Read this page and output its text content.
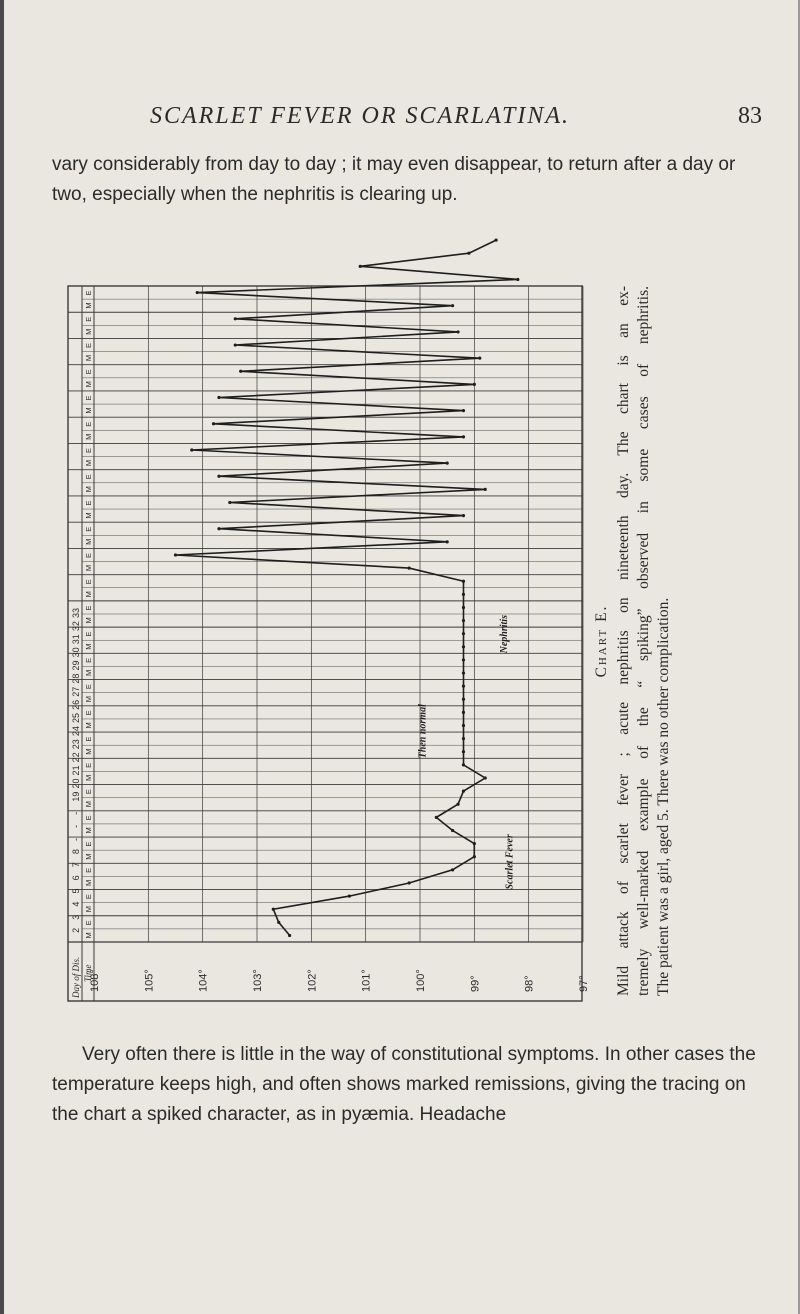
SCARLET FEVER OR SCARLATINA.	83

vary considerably from day to day ; it may even disappear, to return after a day or two, especially when the nephritis is clearing up.

108°	105°	104°	103°	102°	101°	100°	99°	98°	97°
Day of Dis. Time
2
3
4
5
6
7
8
-
-
-
19
20
21
22
23
24
25
26
27
28
29
30
31
32
33
M
E
M
E
M
E
M
E
M
E
M
E
M
E
M
E
M
E
M
E
M
E
M
E
M
E
M
E
M
E
M
E
M
E
M
E
M
E
M
E
M
E
M
E
M
E
M
E
M
E
Scarlet Fever
Then normal
Nephritis	Chart E. Mild attack of scarlet fever ; acute nephritis on nineteenth day. The chart is an ex- tremely well-marked example of the “ spiking” observed in some cases of nephritis. The patient was a girl, aged 5. There was no other complication.

Very often there is little in the way of constitutional symptoms. In other cases the temperature keeps high, and often shows marked remissions, giving the tracing on the chart a spiked character, as in pyæmia. Headache
